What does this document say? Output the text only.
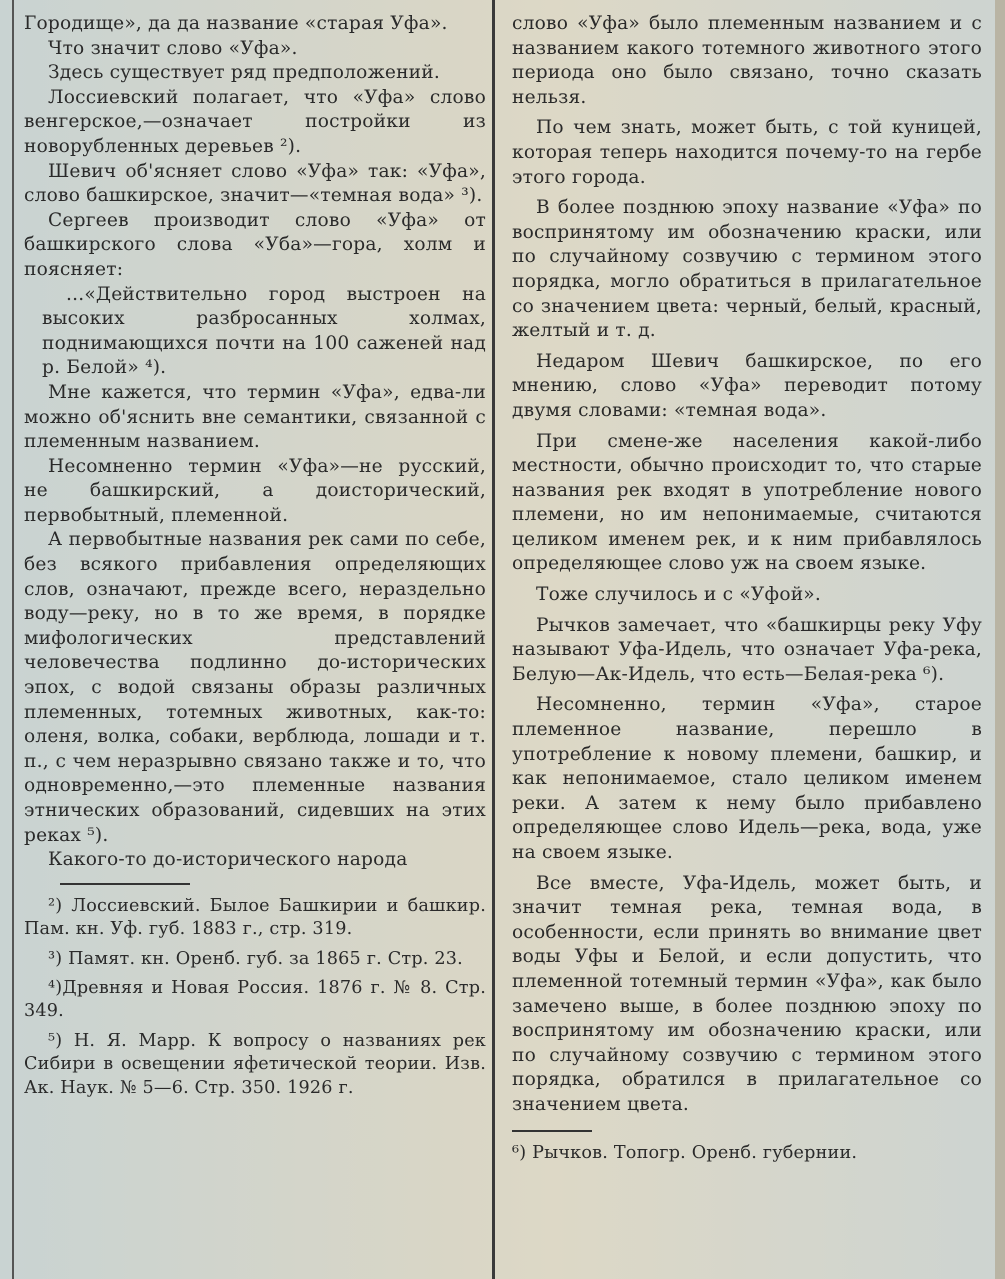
Городище», да да название «старая Уфа».

Что значит слово «Уфа».

Здесь существует ряд предположений.

Лоссиевский полагает, что «Уфа» слово венгерское,—означает постройки из новорубленных деревьев ²).

Шевич об'ясняет слово «Уфа» так: «Уфа», слово башкирское, значит—«темная вода» ³).

Сергеев производит слово «Уфа» от башкирского слова «Уба»—гора, холм и поясняет:

...«Действительно город выстроен на высоких разбросанных холмах, поднимающихся почти на 100 саженей над р. Белой» ⁴).

Мне кажется, что термин «Уфа», едва-ли можно об'яснить вне семантики, связанной с племенным названием.

Несомненно термин «Уфа»—не русский, не башкирский, а доисторический, первобытный, племенной.

А первобытные названия рек сами по себе, без всякого прибавления определяющих слов, означают, прежде всего, нераздельно воду—реку, но в то же время, в порядке мифологических представлений человечества подлинно до-исторических эпох, с водой связаны образы различных племенных, тотемных животных, как-то: оленя, волка, собаки, верблюда, лошади и т. п., с чем неразрывно связано также и то, что одновременно,—это племенные названия этнических образований, сидевших на этих реках ⁵).

Какого-то до-исторического народа

²) Лоссиевский. Былое Башкирии и башкир. Пам. кн. Уф. губ. 1883 г., стр. 319.

³) Памят. кн. Оренб. губ. за 1865 г. Стр. 23.

⁴)Древняя и Новая Россия. 1876 г. № 8. Стр. 349.

⁵) Н. Я. Марр. К вопросу о названиях рек Сибири в освещении яфетической теории. Изв. Ак. Наук. № 5—6. Стр. 350. 1926 г.

слово «Уфа» было племенным названием и с названием какого тотемного животного этого периода оно было связано, точно сказать нельзя.

По чем знать, может быть, с той куницей, которая теперь находится почему-то на гербе этого города.

В более позднюю эпоху название «Уфа» по воспринятому им обозначению краски, или по случайному созвучию с термином этого порядка, могло обратиться в прилагательное со значением цвета: черный, белый, красный, желтый и т. д.

Недаром Шевич башкирское, по его мнению, слово «Уфа» переводит потому двумя словами: «темная вода».

При смене-же населения какой-либо местности, обычно происходит то, что старые названия рек входят в употребление нового племени, но им непонимаемые, считаются целиком именем рек, и к ним прибавлялось определяющее слово уж на своем языке.

Тоже случилось и с «Уфой».

Рычков замечает, что «башкирцы реку Уфу называют Уфа-Идель, что означает Уфа-река, Белую—Ак-Идель, что есть—Белая-река ⁶).

Несомненно, термин «Уфа», старое племенное название, перешло в употребление к новому племени, башкир, и как непонимаемое, стало целиком именем реки. А затем к нему было прибавлено определяющее слово Идель—река, вода, уже на своем языке.

Все вместе, Уфа-Идель, может быть, и значит темная река, темная вода, в особенности, если принять во внимание цвет воды Уфы и Белой, и если допустить, что племенной тотемный термин «Уфа», как было замечено выше, в более позднюю эпоху по воспринятому им обозначению краски, или по случайному созвучию с термином этого порядка, обратился в прилагательное со значением цвета.

⁶) Рычков. Топогр. Оренб. губернии.
